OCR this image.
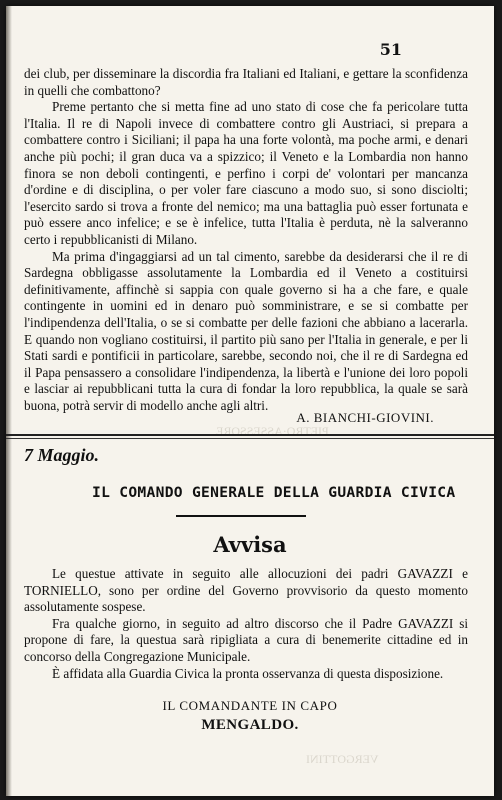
PIETRO·ASSESSORE
VERGOTTINI
51

dei club, per disseminare la discordia fra Italiani ed Italiani, e gettare la sconfidenza in quelli che combattono?

Preme pertanto che si metta fine ad uno stato di cose che fa pericolare tutta l'Italia. Il re di Napoli invece di combattere contro gli Austriaci, si prepara a combattere contro i Siciliani; il papa ha una forte volontà, ma poche armi, e denari anche più pochi; il gran duca va a spizzico; il Veneto e la Lombardia non hanno finora se non deboli contingenti, e perfino i corpi de' volontari per mancanza d'ordine e di disciplina, o per voler fare ciascuno a modo suo, si sono disciolti; l'esercito sardo si trova a fronte del nemico; ma una battaglia può esser fortunata e può essere anco infelice; e se è infelice, tutta l'Italia è perduta, nè la salveranno certo i repubblicanisti di Milano.

Ma prima d'ingaggiarsi ad un tal cimento, sarebbe da desiderarsi che il re di Sardegna obbligasse assolutamente la Lombardia ed il Veneto a costituirsi definitivamente, affinchè si sappia con quale governo si ha a che fare, e quale contingente in uomini ed in denaro può somministrare, e se si combatte per l'indipendenza dell'Italia, o se si combatte per delle fazioni che abbiano a lacerarla. E quando non vogliano costituirsi, il partito più sano per l'Italia in generale, e per li Stati sardi e pontificii in particolare, sarebbe, secondo noi, che il re di Sardegna ed il Papa pensassero a consolidare l'indipendenza, la libertà e l'unione dei loro popoli e lasciar ai repubblicani tutta la cura di fondar la loro repubblica, la quale se sarà buona, potrà servir di modello anche agli altri.

A. BIANCHI-GIOVINI.
7 Maggio.
IL COMANDO GENERALE DELLA GUARDIA CIVICA
Avvisa

Le questue attivate in seguito alle allocuzioni dei padri GAVAZZI e TORNIELLO, sono per ordine del Governo provvisorio da questo momento assolutamente sospese.

Fra qualche giorno, in seguito ad altro discorso che il Padre GAVAZZI si propone di fare, la questua sarà ripigliata a cura di benemerite cittadine ed in concorso della Congregazione Municipale.

È affidata alla Guardia Civica la pronta osservanza di questa disposizione.

IL COMANDANTE IN CAPO
MENGALDO.
